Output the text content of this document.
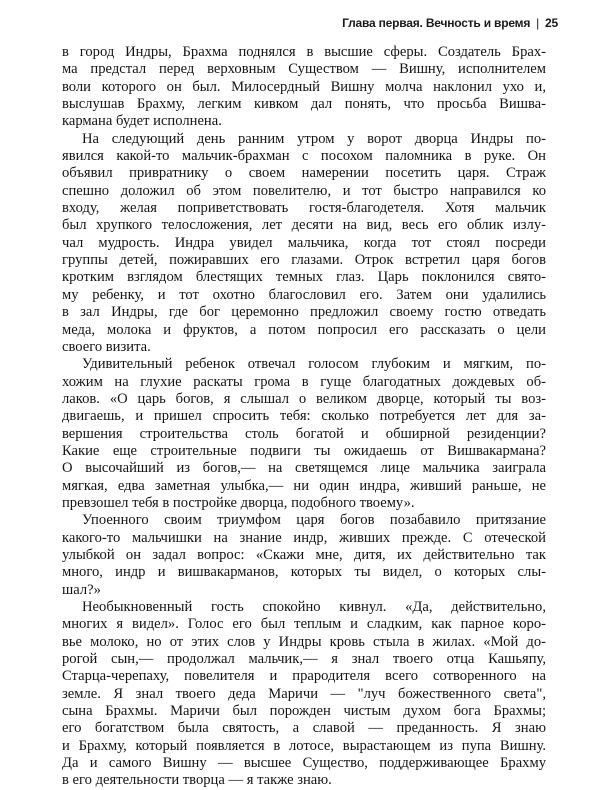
Глава первая. Вечность и время | 25

в город Индры, Брахма поднялся в высшие сферы. Создатель Брах-

ма предстал перед верховным Существом — Вишну, исполнителем

воли которого он был. Милосердный Вишну молча наклонил ухо и,

выслушав Брахму, легким кивком дал понять, что просьба Вишва-

кармана будет исполнена.

На следующий день ранним утром у ворот дворца Индры по-

явился какой-то мальчик-брахман с посохом паломника в руке. Он

объявил привратнику о своем намерении посетить царя. Страж

спешно доложил об этом повелителю, и тот быстро направился ко

входу, желая поприветствовать гостя-благодетеля. Хотя мальчик

был хрупкого телосложения, лет десяти на вид, весь его облик излу-

чал мудрость. Индра увидел мальчика, когда тот стоял посреди

группы детей, пожиравших его глазами. Отрок встретил царя богов

кротким взглядом блестящих темных глаз. Царь поклонился свято-

му ребенку, и тот охотно благословил его. Затем они удалились

в зал Индры, где бог церемонно предложил своему гостю отведать

меда, молока и фруктов, а потом попросил его рассказать о цели

своего визита.

Удивительный ребенок отвечал голосом глубоким и мягким, по-

хожим на глухие раскаты грома в гуще благодатных дождевых об-

лаков. «О царь богов, я слышал о великом дворце, который ты воз-

двигаешь, и пришел спросить тебя: сколько потребуется лет для за-

вершения строительства столь богатой и обширной резиденции?

Какие еще строительные подвиги ты ожидаешь от Вишвакармана?

О высочайший из богов,— на светящемся лице мальчика заиграла

мягкая, едва заметная улыбка,— ни один индра, живший раньше, не

превзошел тебя в постройке дворца, подобного твоему».

Упоенного своим триумфом царя богов позабавило притязание

какого-то мальчишки на знание индр, живших прежде. С отеческой

улыбкой он задал вопрос: «Скажи мне, дитя, их действительно так

много, индр и вишвакарманов, которых ты видел, о которых слы-

шал?»

Необыкновенный гость спокойно кивнул. «Да, действительно,

многих я видел». Голос его был теплым и сладким, как парное коро-

вье молоко, но от этих слов у Индры кровь стыла в жилах. «Мой до-

рогой сын,— продолжал мальчик,— я знал твоего отца Кашьяпу,

Старца-черепаху, повелителя и прародителя всего сотворенного на

земле. Я знал твоего деда Маричи — "луч божественного света",

сына Брахмы. Маричи был порожден чистым духом бога Брахмы;

его богатством была святость, а славой — преданность. Я знаю

и Брахму, который появляется в лотосе, вырастающем из пупа Вишну.

Да и самого Вишну — высшее Существо, поддерживающее Брахму

в его деятельности творца — я также знаю.
